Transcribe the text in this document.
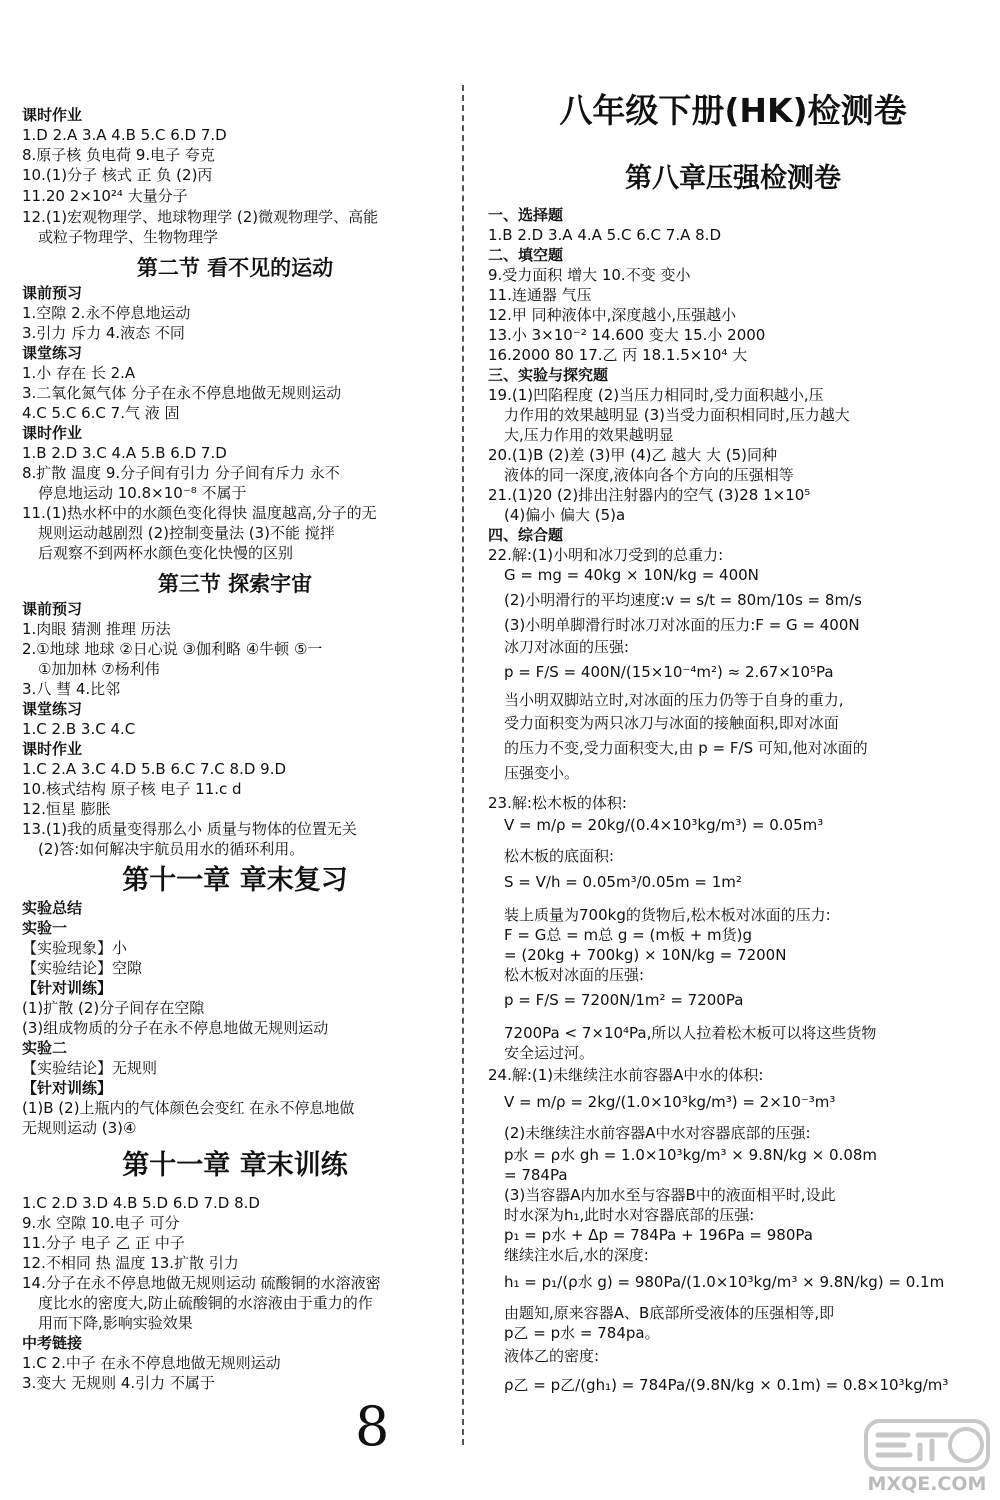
课时作业
1.D 2.A 3.A 4.B 5.C 6.D 7.D
8.原子核 负电荷 9.电子 夸克
10.(1)分子 核式 正 负 (2)丙
11.20 2×10²⁴ 大量分子
12.(1)宏观物理学、地球物理学 (2)微观物理学、高能
或粒子物理学、生物物理学
第二节 看不见的运动
课前预习
1.空隙 2.永不停息地运动
3.引力 斥力 4.液态 不同
课堂练习
1.小 存在 长 2.A
3.二氧化氮气体 分子在永不停息地做无规则运动
4.C 5.C 6.C 7.气 液 固
课时作业
1.B 2.D 3.C 4.A 5.B 6.D 7.D
8.扩散 温度 9.分子间有引力 分子间有斥力 永不
停息地运动 10.8×10⁻⁸ 不属于
11.(1)热水杯中的水颜色变化得快 温度越高,分子的无
规则运动越剧烈 (2)控制变量法 (3)不能 搅拌
后观察不到两杯水颜色变化快慢的区别
第三节 探索宇宙
课前预习
1.肉眼 猜测 推理 历法
2.①地球 地球 ②日心说 ③伽利略 ④牛顿 ⑤一
①加加林 ⑦杨利伟
3.八 彗 4.比邻
课堂练习
1.C 2.B 3.C 4.C
课时作业
1.C 2.A 3.C 4.D 5.B 6.C 7.C 8.D 9.D
10.核式结构 原子核 电子 11.c d
12.恒星 膨胀
13.(1)我的质量变得那么小 质量与物体的位置无关
(2)答:如何解决宇航员用水的循环利用。
第十一章 章末复习
实验总结
实验一
【实验现象】小
【实验结论】空隙
【针对训练】
(1)扩散 (2)分子间存在空隙
(3)组成物质的分子在永不停息地做无规则运动
实验二
【实验结论】无规则
【针对训练】
(1)B (2)上瓶内的气体颜色会变红 在永不停息地做
无规则运动 (3)④
第十一章 章末训练
1.C 2.D 3.D 4.B 5.D 6.D 7.D 8.D
9.水 空隙 10.电子 可分
11.分子 电子 乙 正 中子
12.不相同 热 温度 13.扩散 引力
14.分子在永不停息地做无规则运动 硫酸铜的水溶液密
度比水的密度大,防止硫酸铜的水溶液由于重力的作
用而下降,影响实验效果
中考链接
1.C 2.中子 在永不停息地做无规则运动
3.变大 无规则 4.引力 不属于
八年级下册(HK)检测卷
第八章压强检测卷
一、选择题
1.B 2.D 3.A 4.A 5.C 6.C 7.A 8.D
二、填空题
9.受力面积 增大 10.不变 变小
11.连通器 气压
12.甲 同种液体中,深度越小,压强越小
13.小 3×10⁻² 14.600 变大 15.小 2000
16.2000 80 17.乙 丙 18.1.5×10⁴ 大
三、实验与探究题
19.(1)凹陷程度 (2)当压力相同时,受力面积越小,压
力作用的效果越明显 (3)当受力面积相同时,压力越大
大,压力作用的效果越明显
20.(1)B (2)差 (3)甲 (4)乙 越大 大 (5)同种
液体的同一深度,液体向各个方向的压强相等
21.(1)20 (2)排出注射器内的空气 (3)28 1×10⁵
(4)偏小 偏大 (5)a
四、综合题
22.解:(1)小明和冰刀受到的总重力:
G = mg = 40kg × 10N/kg = 400N
(2)小明滑行的平均速度:v = s/t = 80m/10s = 8m/s
(3)小明单脚滑行时冰刀对冰面的压力:F = G = 400N
冰刀对冰面的压强:
p = F/S = 400N/(15×10⁻⁴m²) ≈ 2.67×10⁵Pa
当小明双脚站立时,对冰面的压力仍等于自身的重力,
受力面积变为两只冰刀与冰面的接触面积,即对冰面
的压力不变,受力面积变大,由 p = F/S 可知,他对冰面的
压强变小。
23.解:松木板的体积:
V = m/ρ = 20kg/(0.4×10³kg/m³) = 0.05m³
松木板的底面积:
S = V/h = 0.05m³/0.05m = 1m²
装上质量为700kg的货物后,松木板对冰面的压力:
F = G总 = m总 g = (m板 + m货)g
= (20kg + 700kg) × 10N/kg = 7200N
松木板对冰面的压强:
p = F/S = 7200N/1m² = 7200Pa
7200Pa < 7×10⁴Pa,所以人拉着松木板可以将这些货物
安全运过河。
24.解:(1)未继续注水前容器A中水的体积:
V = m/ρ = 2kg/(1.0×10³kg/m³) = 2×10⁻³m³
(2)未继续注水前容器A中水对容器底部的压强:
p水 = ρ水 gh = 1.0×10³kg/m³ × 9.8N/kg × 0.08m
= 784Pa
(3)当容器A内加水至与容器B中的液面相平时,设此
时水深为h₁,此时水对容器底部的压强:
p₁ = p水 + Δp = 784Pa + 196Pa = 980Pa
继续注水后,水的深度:
h₁ = p₁/(ρ水 g) = 980Pa/(1.0×10³kg/m³ × 9.8N/kg) = 0.1m
由题知,原来容器A、B底部所受液体的压强相等,即
p乙 = p水 = 784pa。
液体乙的密度:
ρ乙 = p乙/(gh₁) = 784Pa/(9.8N/kg × 0.1m) = 0.8×10³kg/m³
8
MXQE.COM
